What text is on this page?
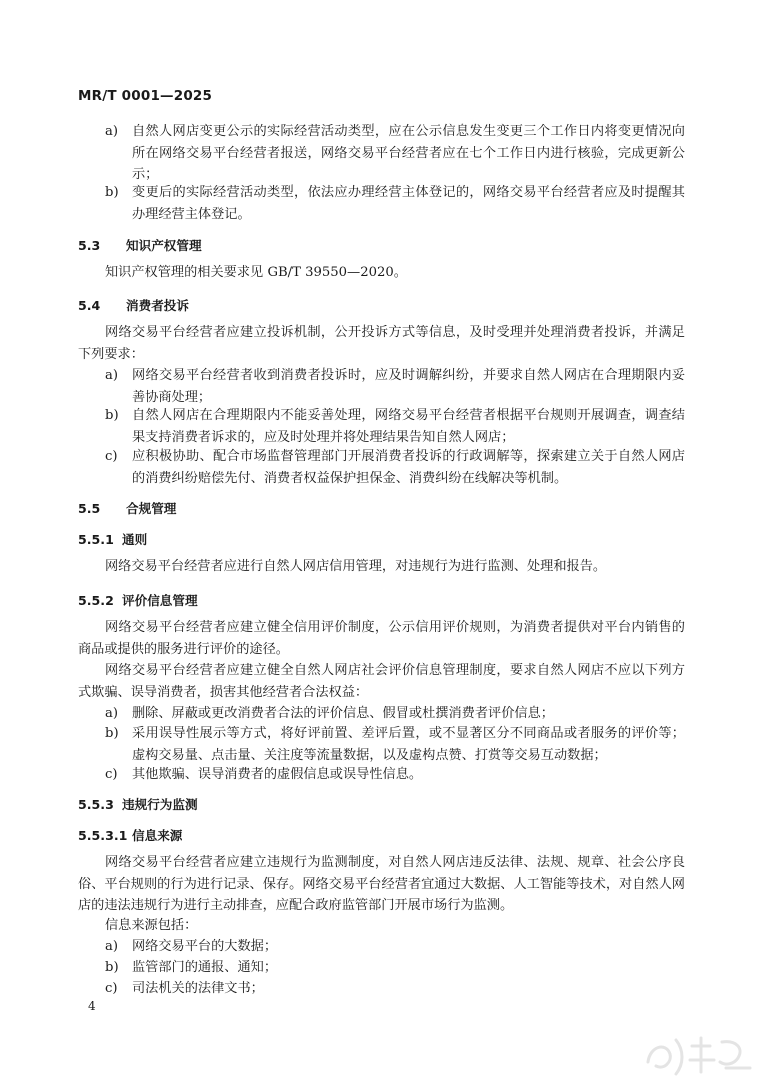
MR/T 0001—2025
a)	自然人网店变更公示的实际经营活动类型，应在公示信息发生变更三个工作日内将变更情况向所在网络交易平台经营者报送，网络交易平台经营者应在七个工作日内进行核验，完成更新公示；
b)	变更后的实际经营活动类型，依法应办理经营主体登记的，网络交易平台经营者应及时提醒其办理经营主体登记。
5.3 知识产权管理
知识产权管理的相关要求见 GB/T 39550—2020。
5.4 消费者投诉
网络交易平台经营者应建立投诉机制，公开投诉方式等信息，及时受理并处理消费者投诉，并满足下列要求：
a)	网络交易平台经营者收到消费者投诉时，应及时调解纠纷，并要求自然人网店在合理期限内妥善协商处理；
b)	自然人网店在合理期限内不能妥善处理，网络交易平台经营者根据平台规则开展调查，调查结果支持消费者诉求的，应及时处理并将处理结果告知自然人网店；
c)	应积极协助、配合市场监督管理部门开展消费者投诉的行政调解等，探索建立关于自然人网店的消费纠纷赔偿先付、消费者权益保护担保金、消费纠纷在线解决等机制。
5.5 合规管理
5.5.1 通则
网络交易平台经营者应进行自然人网店信用管理，对违规行为进行监测、处理和报告。
5.5.2 评价信息管理
网络交易平台经营者应建立健全信用评价制度，公示信用评价规则，为消费者提供对平台内销售的商品或提供的服务进行评价的途径。
网络交易平台经营者应建立健全自然人网店社会评价信息管理制度，要求自然人网店不应以下列方式欺骗、误导消费者，损害其他经营者合法权益：
a)	删除、屏蔽或更改消费者合法的评价信息、假冒或杜撰消费者评价信息；
b)	采用误导性展示等方式，将好评前置、差评后置，或不显著区分不同商品或者服务的评价等；虚构交易量、点击量、关注度等流量数据，以及虚构点赞、打赏等交易互动数据；
c)	其他欺骗、误导消费者的虚假信息或误导性信息。
5.5.3 违规行为监测
5.5.3.1 信息来源
网络交易平台经营者应建立违规行为监测制度，对自然人网店违反法律、法规、规章、社会公序良俗、平台规则的行为进行记录、保存。网络交易平台经营者宜通过大数据、人工智能等技术，对自然人网店的违法违规行为进行主动排查，应配合政府监管部门开展市场行为监测。
信息来源包括：
a)	网络交易平台的大数据；
b)	监管部门的通报、通知；
c)	司法机关的法律文书；
4
